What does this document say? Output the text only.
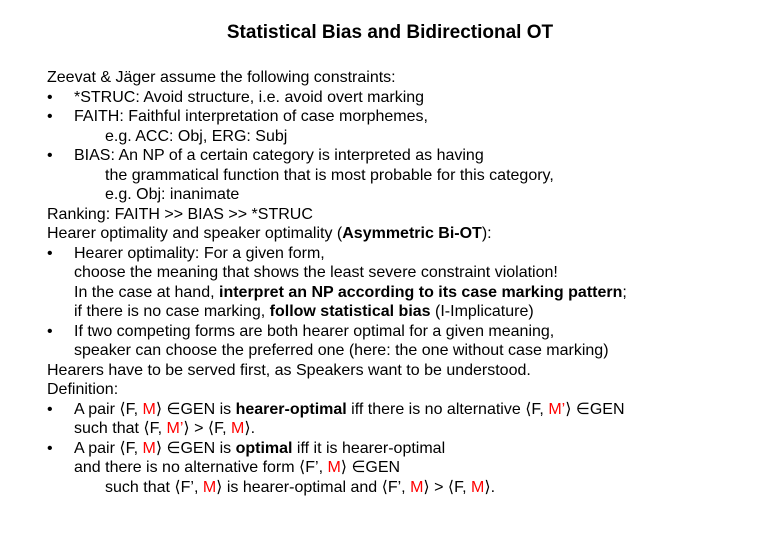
Statistical Bias and Bidirectional OT
Zeevat & Jäger assume the following constraints:
• *STRUC: Avoid structure, i.e. avoid overt marking
• FAITH: Faithful interpretation of case morphemes,
e.g. ACC: Obj, ERG: Subj
• BIAS: An NP of a certain category is interpreted as having
the grammatical function that is most probable for this category,
e.g. Obj: inanimate
Ranking: FAITH >> BIAS >> *STRUC
Hearer optimality and speaker optimality (Asymmetric Bi-OT):
• Hearer optimality: For a given form,
choose the meaning that shows the least severe constraint violation!
In the case at hand, interpret an NP according to its case marking pattern;
if there is no case marking, follow statistical bias (I-Implicature)
• If two competing forms are both hearer optimal for a given meaning,
speaker can choose the preferred one (here: the one without case marking)
Hearers have to be served first, as Speakers want to be understood.
Definition:
• A pair ⟨F, M⟩ ∈GEN is hearer-optimal iff there is no alternative ⟨F, M’⟩ ∈GEN
such that ⟨F, M’⟩ > ⟨F, M⟩.
• A pair ⟨F, M⟩ ∈GEN is optimal iff it is hearer-optimal
and there is no alternative form ⟨F’, M⟩ ∈GEN
such that ⟨F’, M⟩ is hearer-optimal and ⟨F’, M⟩ > ⟨F, M⟩.
